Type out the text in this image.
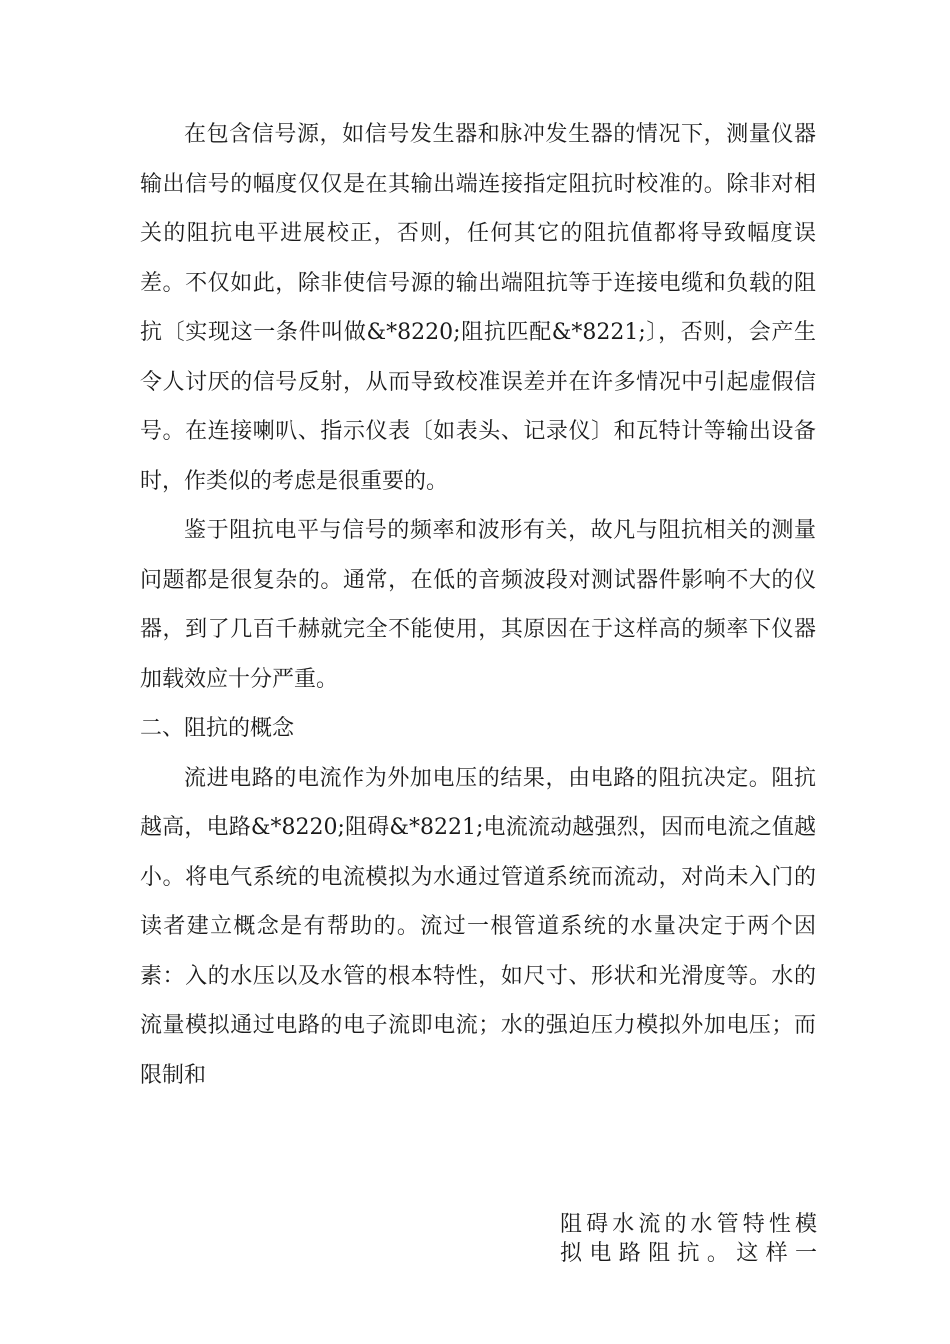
在包含信号源，如信号发生器和脉冲发生器的情况下，测量仪器输出信号的幅度仅仅是在其输出端连接指定阻抗时校准的。除非对相关的阻抗电平进展校正，否则，任何其它的阻抗值都将导致幅度误差。不仅如此，除非使信号源的输出端阻抗等于连接电缆和负载的阻抗〔实现这一条件叫做&*8220;阻抗匹配&*8221;〕，否则，会产生令人讨厌的信号反射，从而导致校准误差并在许多情况中引起虚假信号。在连接喇叭、指示仪表〔如表头、记录仪〕和瓦特计等输出设备时，作类似的考虑是很重要的。

鉴于阻抗电平与信号的频率和波形有关，故凡与阻抗相关的测量问题都是很复杂的。通常，在低的音频波段对测试器件影响不大的仪器，到了几百千赫就完全不能使用，其原因在于这样高的频率下仪器加载效应十分严重。

二、阻抗的概念

流进电路的电流作为外加电压的结果，由电路的阻抗决定。阻抗越高，电路&*8220;阻碍&*8221;电流流动越强烈，因而电流之值越小。将电气系统的电流模拟为水通过管道系统而流动，对尚未入门的读者建立概念是有帮助的。流过一根管道系统的水量决定于两个因素：入的水压以及水管的根本特性，如尺寸、形状和光滑度等。水的流量模拟通过电路的电子流即电流；水的强迫压力模拟外加电压；而限制和

阻碍水流的水管特性模
拟电路阻抗。这样一
